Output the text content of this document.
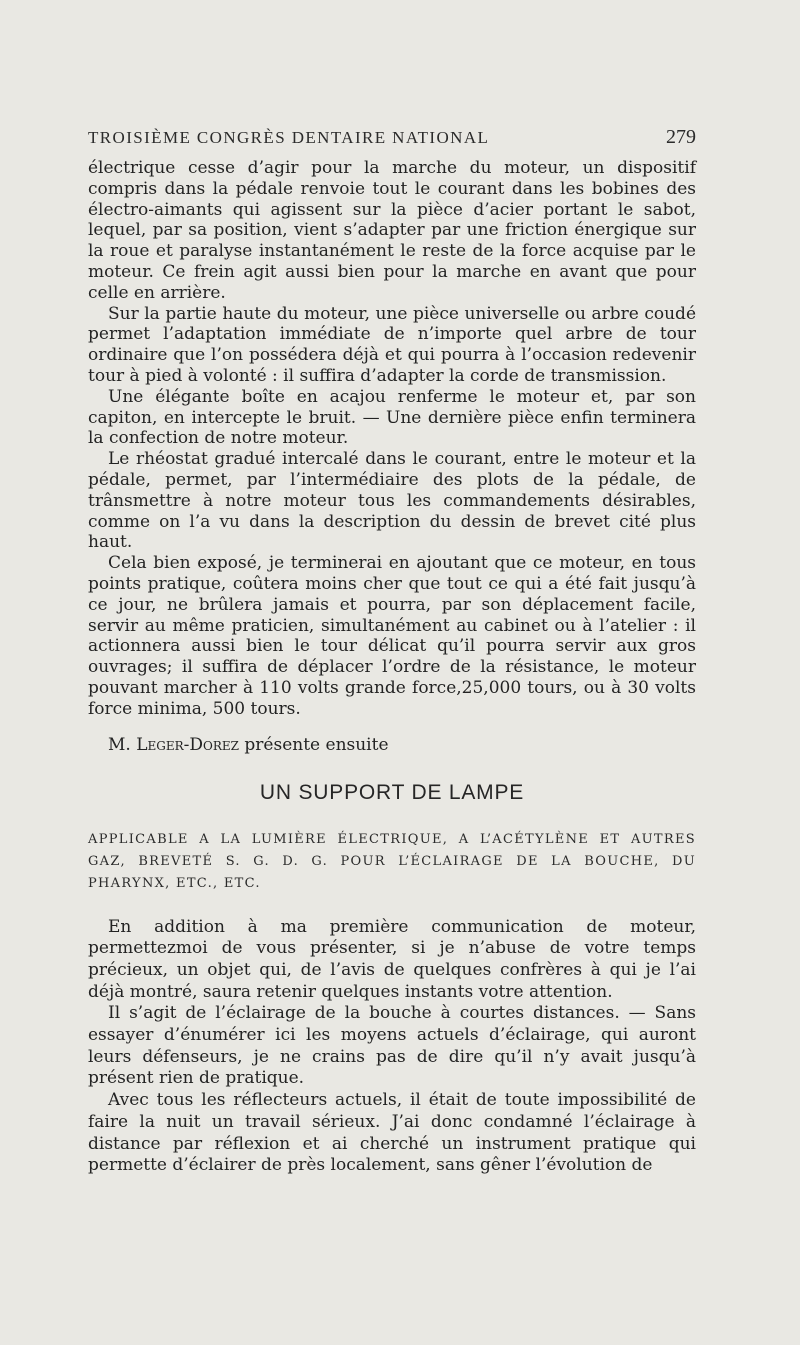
TROISIÈME CONGRÈS DENTAIRE NATIONAL	279

électrique cesse d’agir pour la marche du moteur, un dispositif compris dans la pédale renvoie tout le courant dans les bobines des électro-aimants qui agissent sur la pièce d’acier portant le sabot, lequel, par sa position, vient s’adapter par une friction énergique sur la roue et paralyse instantanément le reste de la force acquise par le moteur. Ce frein agit aussi bien pour la marche en avant que pour celle en arrière.

Sur la partie haute du moteur, une pièce universelle ou arbre coudé permet l’adaptation immédiate de n’importe quel arbre de tour ordinaire que l’on possédera déjà et qui pourra à l’occasion redevenir tour à pied à volonté : il suffira d’adapter la corde de transmission.

Une élégante boîte en acajou renferme le moteur et, par son capiton, en intercepte le bruit. — Une dernière pièce enfin terminera la confection de notre moteur.

Le rhéostat gradué intercalé dans le courant, entre le moteur et la pédale, permet, par l’intermédiaire des plots de la pédale, de trânsmettre à notre moteur tous les commandements désirables, comme on l’a vu dans la description du dessin de brevet cité plus haut.

Cela bien exposé, je terminerai en ajoutant que ce moteur, en tous points pratique, coûtera moins cher que tout ce qui a été fait jusqu’à ce jour, ne brûlera jamais et pourra, par son déplacement facile, servir au même praticien, simultanément au cabinet ou à l’atelier : il actionnera aussi bien le tour délicat qu’il pourra servir aux gros ouvrages; il suffira de déplacer l’ordre de la résistance, le moteur pouvant marcher à 110 volts grande force,25,000 tours, ou à 30 volts force minima, 500 tours.

M. Leger-Dorez présente ensuite
UN SUPPORT DE LAMPE
APPLICABLE A LA LUMIÈRE ÉLECTRIQUE, A L’ACÉTYLÈNE ET AUTRES GAZ, BREVETÉ S. G. D. G. POUR L’ÉCLAIRAGE DE LA BOUCHE, DU PHARYNX, ETC., ETC.

En addition à ma première communication de moteur, permettezmoi de vous présenter, si je n’abuse de votre temps précieux, un objet qui, de l’avis de quelques confrères à qui je l’ai déjà montré, saura retenir quelques instants votre attention.

Il s’agit de l’éclairage de la bouche à courtes distances. — Sans essayer d’énumérer ici les moyens actuels d’éclairage, qui auront leurs défenseurs, je ne crains pas de dire qu’il n’y avait jusqu’à présent rien de pratique.

Avec tous les réflecteurs actuels, il était de toute impossibilité de faire la nuit un travail sérieux. J’ai donc condamné l’éclairage à distance par réflexion et ai cherché un instrument pratique qui permette d’éclairer de près localement, sans gêner l’évolution de
